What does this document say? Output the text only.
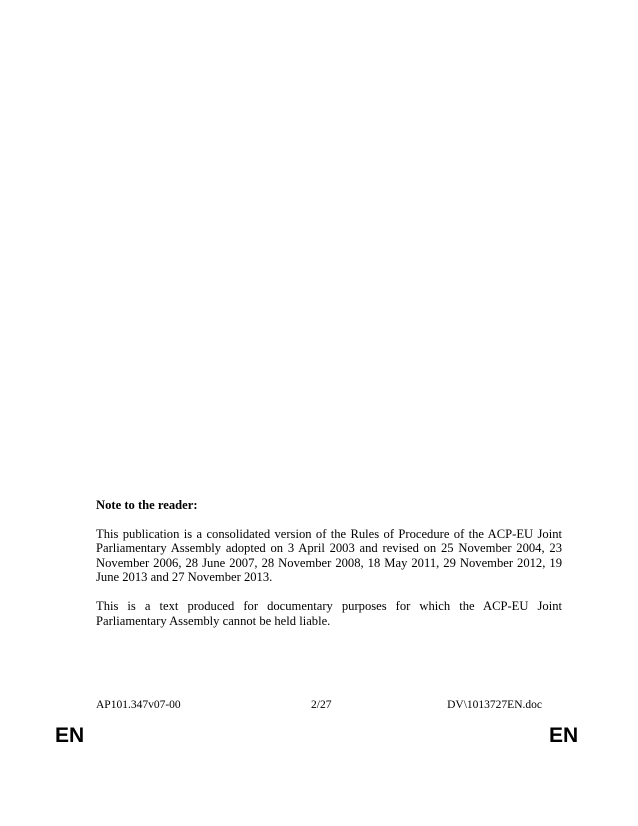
Note to the reader:

This publication is a consolidated version of the Rules of Procedure of the ACP-EU Joint Parliamentary Assembly adopted on 3 April 2003 and revised on 25 November 2004, 23 November 2006, 28 June 2007, 28 November 2008, 18 May 2011, 29 November 2012, 19 June 2013 and 27 November 2013.

This is a text produced for documentary purposes for which the ACP-EU Joint Parliamentary Assembly cannot be held liable.

AP101.347v07-00	2/27	DV\1013727EN.doc
EN	EN
